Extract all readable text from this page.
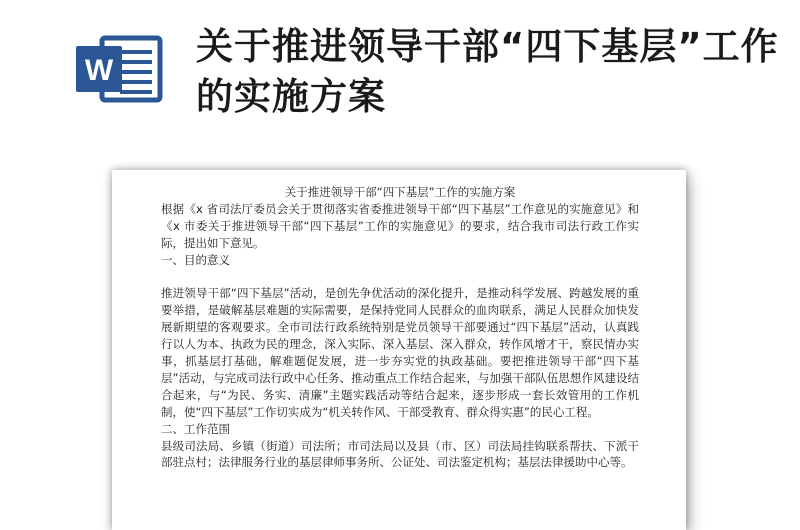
W
关于推进领导干部“四下基层”工作的实施方案

关于推进领导干部“四下基层”工作的实施方案

根据《x 省司法厅委员会关于贯彻落实省委推进领导干部“四下基层”工作意见的实施意见》和《x 市委关于推进领导干部“四下基层”工作的实施意见》的要求，结合我市司法行政工作实际，提出如下意见。

一、目的意义

推进领导干部“四下基层”活动，是创先争优活动的深化提升，是推动科学发展、跨越发展的重要举措，是破解基层难题的实际需要，是保持党同人民群众的血肉联系，满足人民群众加快发展新期望的客观要求。全市司法行政系统特别是党员领导干部要通过“四下基层”活动，认真践行以人为本、执政为民的理念，深入实际、深入基层、深入群众，转作风增才干，察民情办实事，抓基层打基础，解难题促发展，进一步夯实党的执政基础。要把推进领导干部“四下基层”活动，与完成司法行政中心任务、推动重点工作结合起来，与加强干部队伍思想作风建设结合起来，与“为民、务实、清廉”主题实践活动等结合起来，逐步形成一套长效管用的工作机制，使“四下基层”工作切实成为“机关转作风、干部受教育、群众得实惠”的民心工程。

二、工作范围

县级司法局、乡镇（街道）司法所；市司法局以及县（市、区）司法局挂钩联系帮扶、下派干部驻点村；法律服务行业的基层律师事务所、公证处、司法鉴定机构；基层法律援助中心等。
